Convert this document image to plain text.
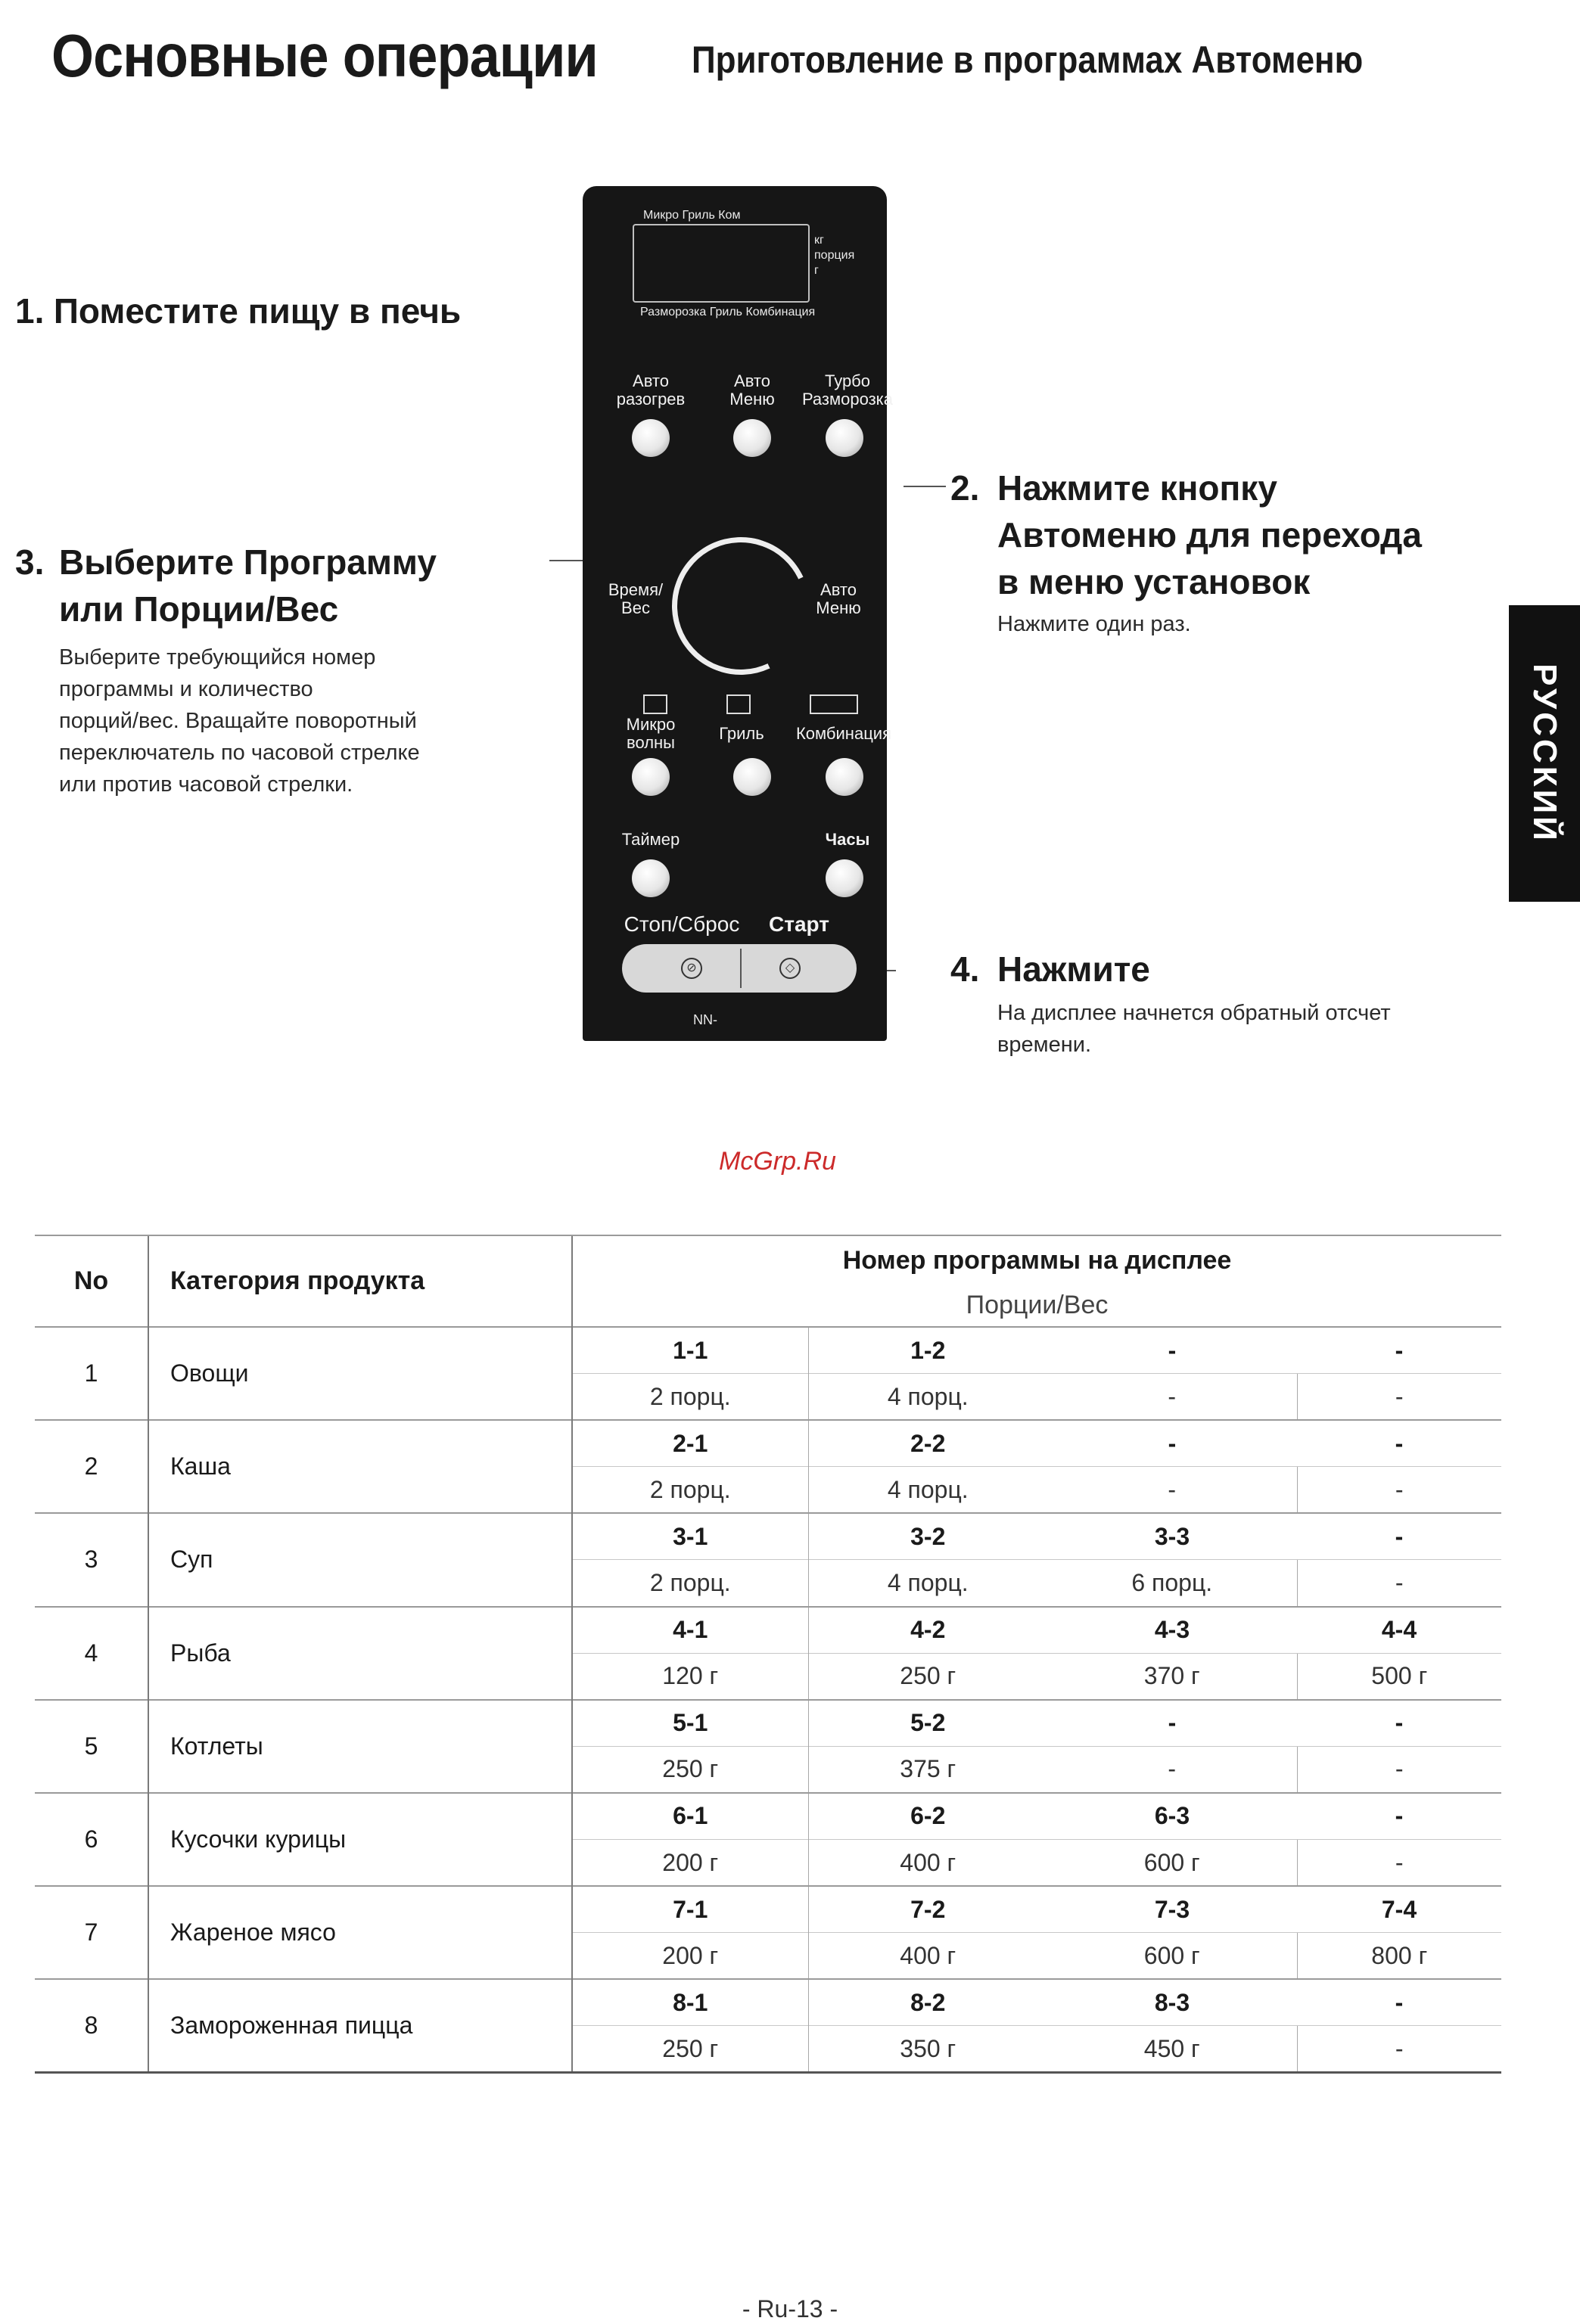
Основные операции Приготовление в программах Автоменю
РУССКИЙ
1. Поместите пищу в печь
3. Выберите Программу
или Порции/Вес
Выберите требующийся номер
программы и количество
порций/вес. Вращайте поворотный
переключатель по часовой стрелке
или против часовой стрелки.
2. Нажмите кнопку
Автоменю для перехода
в меню установок
Нажмите один раз.
4. Нажмите
На дисплее начнется обратный отсчет
времени.
Микро Гриль Ком
кг
порция
г
Разморозка Гриль Комбинация
Авто
разогрев
Авто
Меню
Турбо
Разморозка
Время/
Вес
Авто
Меню
Микро
волны	Гриль	Комбинация
Таймер	Часы
Стоп/Сброс	Старт
⊘	◇
NN-
McGrp.Ru
No	Категория продукта	Номер программы на дисплее			
		Порции/Вес			
1	Овощи	1-1	1-2	-	-
		2 порц.	4 порц.	-	-
2	Каша	2-1	2-2	-	-
		2 порц.	4 порц.	-	-
3	Суп	3-1	3-2	3-3	-
		2 порц.	4 порц.	6 порц.	-
4	Рыба	4-1	4-2	4-3	4-4
		120 г	250 г	370 г	500 г
5	Котлеты	5-1	5-2	-	-
		250 г	375 г	-	-
6	Кусочки курицы	6-1	6-2	6-3	-
		200 г	400 г	600 г	-
7	Жареное мясо	7-1	7-2	7-3	7-4
		200 г	400 г	600 г	800 г
8	Замороженная пицца	8-1	8-2	8-3	-
		250 г	350 г	450 г	-
- Ru-13 -
